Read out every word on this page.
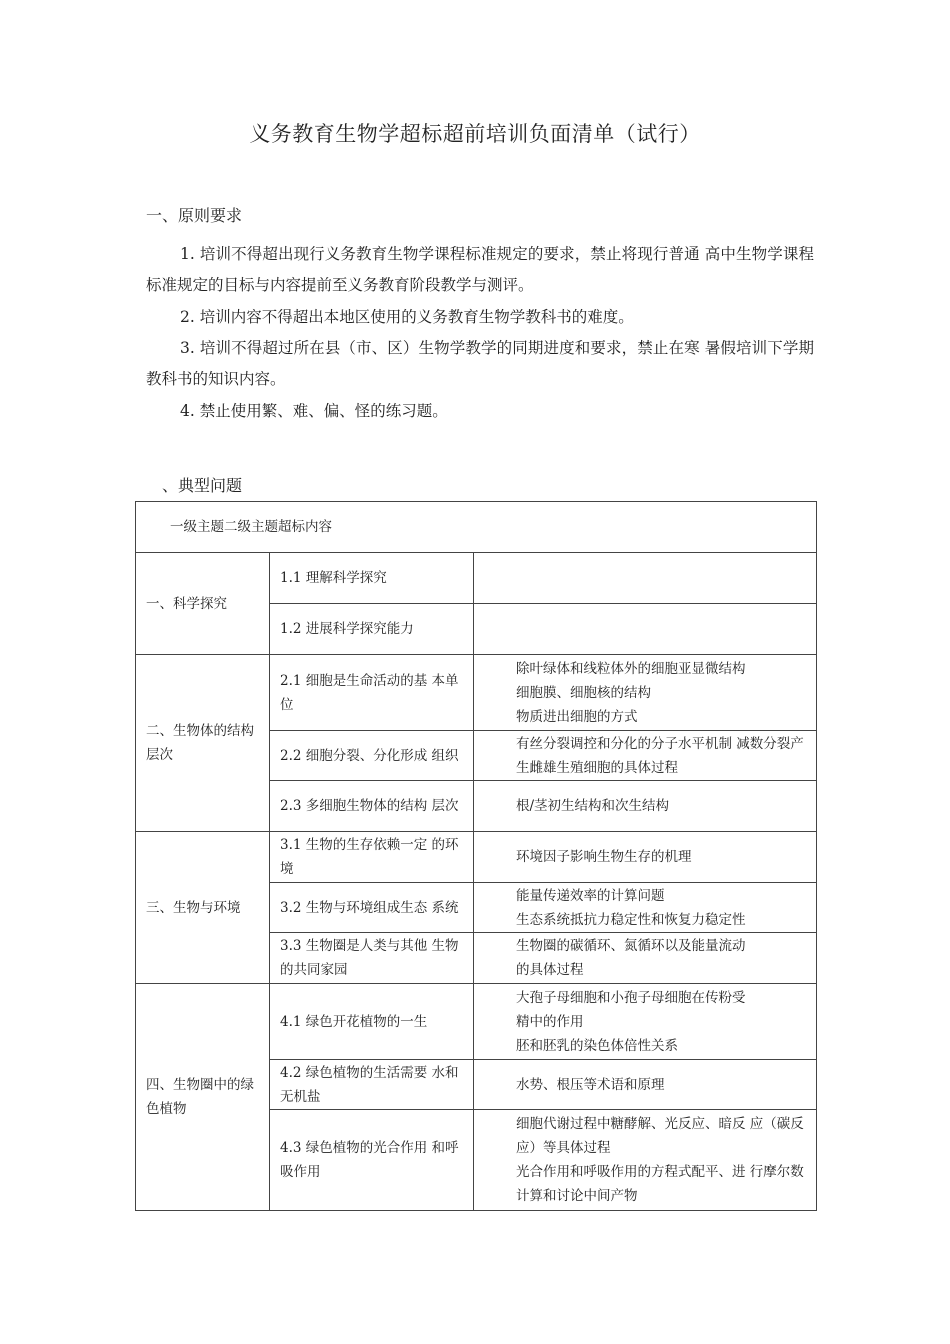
义务教育生物学超标超前培训负面清单（试行）
一、原则要求
1. 培训不得超出现行义务教育生物学课程标准规定的要求，禁止将现行普通 高中生物学课程标准规定的目标与内容提前至义务教育阶段教学与测评。
2. 培训内容不得超出本地区使用的义务教育生物学教科书的难度。
3. 培训不得超过所在县（市、区）生物学教学的同期进度和要求，禁止在寒 暑假培训下学期教科书的知识内容。
4. 禁止使用繁、难、偏、怪的练习题。
、典型问题
一级主题二级主题超标内容		
一、科学探究	1.1 理解科学探究	
	1.2 进展科学探究能力	
二、生物体的结构层次	2.1 细胞是生命活动的基 本单位	除叶绿体和线粒体外的细胞亚显微结构
细胞膜、细胞核的结构
物质进出细胞的方式

	2.2 细胞分裂、分化形成 组织	有丝分裂调控和分化的分子水平机制 减数分裂产生雌雄生殖细胞的具体过程

	2.3 多细胞生物体的结构 层次	根/茎初生结构和次生结构

三、生物与环境	3.1 生物的生存依赖一定 的环境	环境因子影响生物生存的机理

	3.2 生物与环境组成生态 系统	能量传递效率的计算问题
生态系统抵抗力稳定性和恢复力稳定性

	3.3 生物圈是人类与其他 生物的共同家园	生物圈的碳循环、氮循环以及能量流动
的具体过程

四、生物圈中的绿色植物	4.1 绿色开花植物的一生	大孢子母细胞和小孢子母细胞在传粉受
精中的作用
胚和胚乳的染色体倍性关系

	4.2 绿色植物的生活需要 水和无机盐	水势、根压等术语和原理

	4.3 绿色植物的光合作用 和呼吸作用	细胞代谢过程中糖酵解、光反应、暗反 应（碳反应）等具体过程
光合作用和呼吸作用的方程式配平、进 行摩尔数计算和讨论中间产物
